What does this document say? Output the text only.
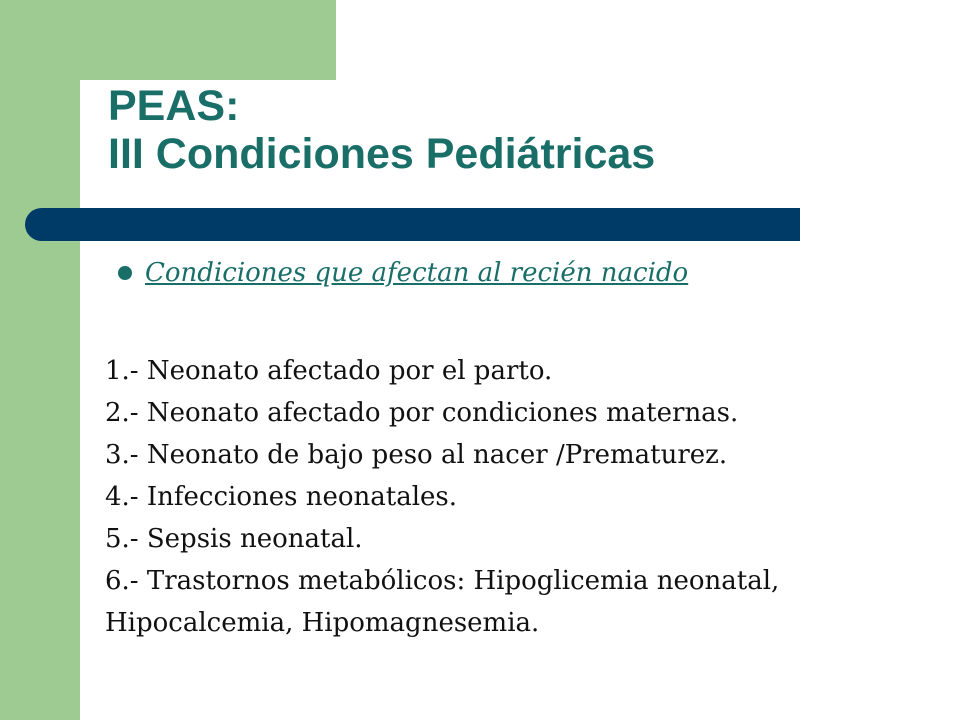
PEAS:
III Condiciones Pediátricas
Condiciones que afectan al recién nacido
1.- Neonato afectado por el parto.
2.- Neonato afectado por condiciones maternas.
3.- Neonato de bajo peso al nacer /Prematurez.
4.- Infecciones neonatales.
5.- Sepsis neonatal.
6.- Trastornos metabólicos: Hipoglicemia neonatal,
Hipocalcemia, Hipomagnesemia.
